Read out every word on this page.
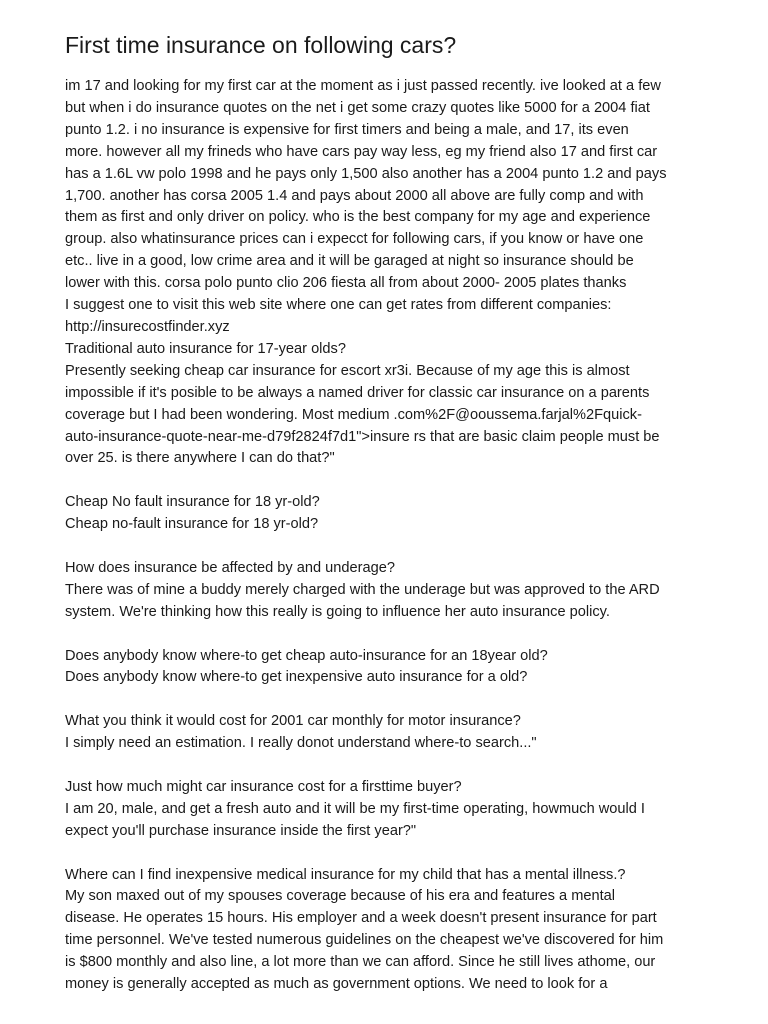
First time insurance on following cars?
im 17 and looking for my first car at the moment as i just passed recently. ive looked at a few
but when i do insurance quotes on the net i get some crazy quotes like 5000 for a 2004 fiat
punto 1.2. i no insurance is expensive for first timers and being a male, and 17, its even
more. however all my frineds who have cars pay way less, eg my friend also 17 and first car
has a 1.6L vw polo 1998 and he pays only 1,500 also another has a 2004 punto 1.2 and pays
1,700. another has corsa 2005 1.4 and pays about 2000 all above are fully comp and with
them as first and only driver on policy. who is the best company for my age and experience
group. also whatinsurance prices can i expecct for following cars, if you know or have one
etc.. live in a good, low crime area and it will be garaged at night so insurance should be
lower with this. corsa polo punto clio 206 fiesta all from about 2000- 2005 plates thanks
I suggest one to visit this web site where one can get rates from different companies:
http://insurecostfinder.xyz
Traditional auto insurance for 17-year olds?
Presently seeking cheap car insurance for escort xr3i. Because of my age this is almost
impossible if it's posible to be always a named driver for classic car insurance on a parents
coverage but I had been wondering. Most medium .com%2F@ooussema.farjal%2Fquick-
auto-insurance-quote-near-me-d79f2824f7d1">insure rs that are basic claim people must be
over 25. is there anywhere I can do that?"
Cheap No fault insurance for 18 yr-old?
Cheap no-fault insurance for 18 yr-old?
How does insurance be affected by and underage?
There was of mine a buddy merely charged with the underage but was approved to the ARD
system. We're thinking how this really is going to influence her auto insurance policy.
Does anybody know where-to get cheap auto-insurance for an 18year old?
Does anybody know where-to get inexpensive auto insurance for a old?
What you think it would cost for 2001 car monthly for motor insurance?
I simply need an estimation. I really donot understand where-to search..."
Just how much might car insurance cost for a firsttime buyer?
I am 20, male, and get a fresh auto and it will be my first-time operating, howmuch would I
expect you'll purchase insurance inside the first year?"
Where can I find inexpensive medical insurance for my child that has a mental illness.?
My son maxed out of my spouses coverage because of his era and features a mental
disease. He operates 15 hours. His employer and a week doesn't present insurance for part
time personnel. We've tested numerous guidelines on the cheapest we've discovered for him
is $800 monthly and also line, a lot more than we can afford. Since he still lives athome, our
money is generally accepted as much as government options. We need to look for a
